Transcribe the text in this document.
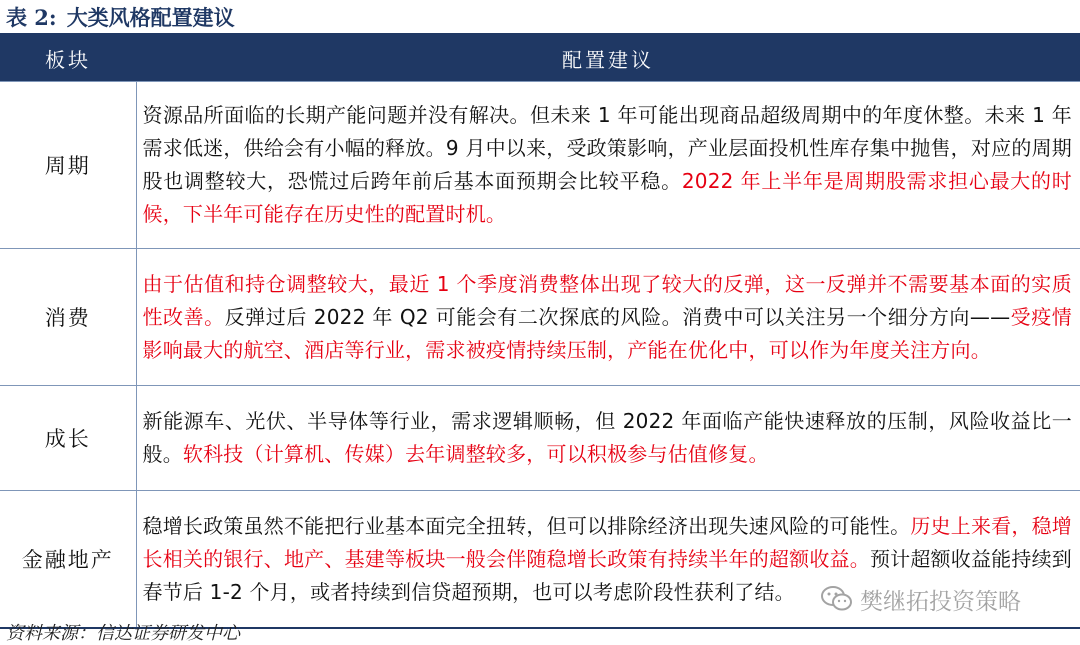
表 2: 大类风格配置建议
板块	配置建议
周期	资源品所面临的长期产能问题并没有解决。但未来 1 年可能出现商品超级周期中的年度休整。未来 1 年需求低迷，供给会有小幅的释放。9 月中以来，受政策影响，产业层面投机性库存集中抛售，对应的周期股也调整较大，恐慌过后跨年前后基本面预期会比较平稳。2022 年上半年是周期股需求担心最大的时候，下半年可能存在历史性的配置时机。
消费	由于估值和持仓调整较大，最近 1 个季度消费整体出现了较大的反弹，这一反弹并不需要基本面的实质性改善。反弹过后 2022 年 Q2 可能会有二次探底的风险。消费中可以关注另一个细分方向——受疫情影响最大的航空、酒店等行业，需求被疫情持续压制，产能在优化中，可以作为年度关注方向。
成长	新能源车、光伏、半导体等行业，需求逻辑顺畅，但 2022 年面临产能快速释放的压制，风险收益比一般。软科技（计算机、传媒）去年调整较多，可以积极参与估值修复。
金融地产	稳增长政策虽然不能把行业基本面完全扭转，但可以排除经济出现失速风险的可能性。历史上来看，稳增长相关的银行、地产、基建等板块一般会伴随稳增长政策有持续半年的超额收益。预计超额收益能持续到春节后 1-2 个月，或者持续到信贷超预期，也可以考虑阶段性获利了结。	樊继拓投资策略
资料来源：信达证券研发中心
